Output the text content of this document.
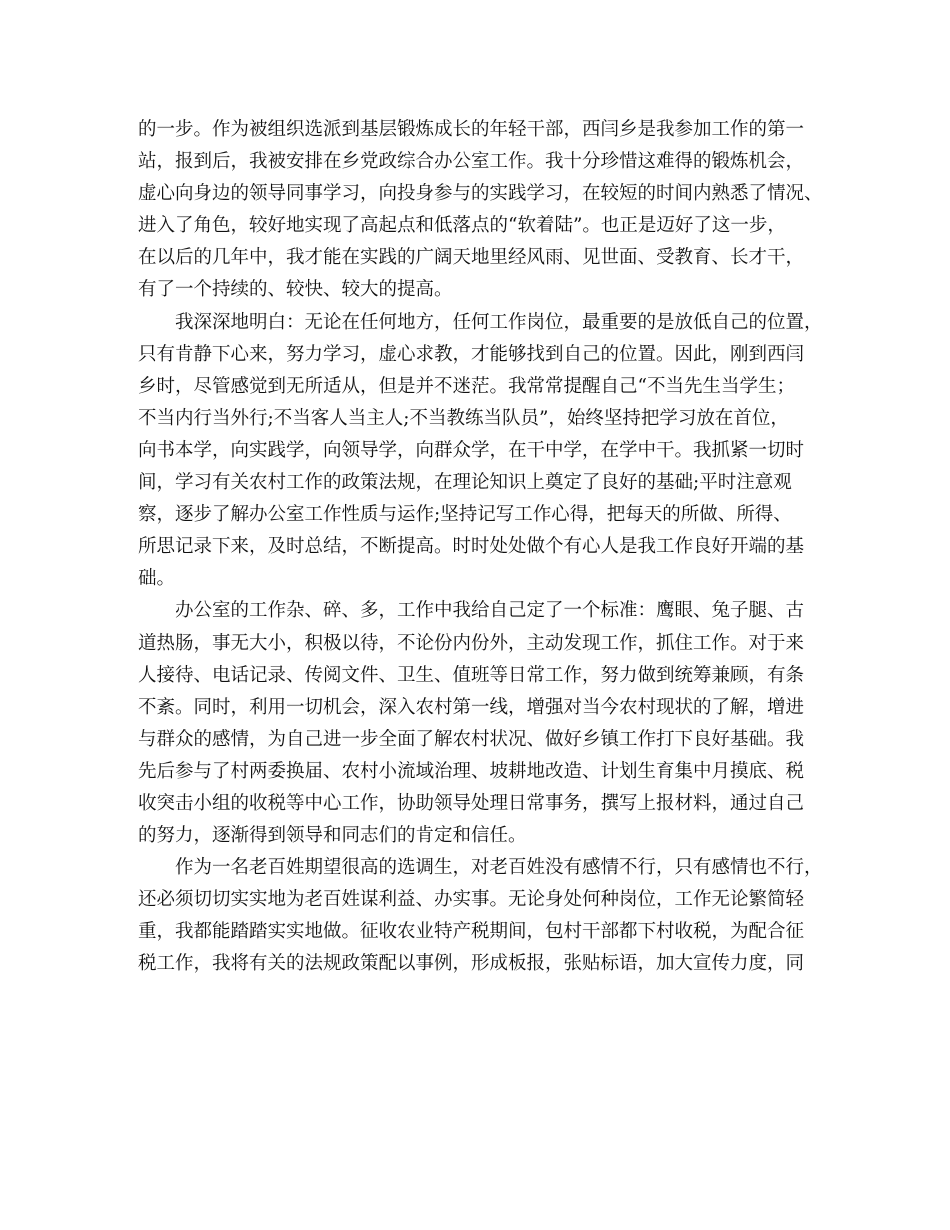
的一步。作为被组织选派到基层锻炼成长的年轻干部，西闫乡是我参加工作的第一
站，报到后，我被安排在乡党政综合办公室工作。我十分珍惜这难得的锻炼机会，
虚心向身边的领导同事学习，向投身参与的实践学习，在较短的时间内熟悉了情况、
进入了角色，较好地实现了高起点和低落点的“软着陆”。也正是迈好了这一步，
在以后的几年中，我才能在实践的广阔天地里经风雨、见世面、受教育、长才干，
有了一个持续的、较快、较大的提高。
我深深地明白：无论在任何地方，任何工作岗位，最重要的是放低自己的位置，
只有肯静下心来，努力学习，虚心求教，才能够找到自己的位置。因此，刚到西闫
乡时，尽管感觉到无所适从，但是并不迷茫。我常常提醒自己“不当先生当学生；
不当内行当外行;不当客人当主人;不当教练当队员”，始终坚持把学习放在首位，
向书本学，向实践学，向领导学，向群众学，在干中学，在学中干。我抓紧一切时
间，学习有关农村工作的政策法规，在理论知识上奠定了良好的基础;平时注意观
察，逐步了解办公室工作性质与运作;坚持记写工作心得，把每天的所做、所得、
所思记录下来，及时总结，不断提高。时时处处做个有心人是我工作良好开端的基
础。
办公室的工作杂、碎、多，工作中我给自己定了一个标准：鹰眼、兔子腿、古
道热肠，事无大小，积极以待，不论份内份外，主动发现工作，抓住工作。对于来
人接待、电话记录、传阅文件、卫生、值班等日常工作，努力做到统筹兼顾，有条
不紊。同时，利用一切机会，深入农村第一线，增强对当今农村现状的了解，增进
与群众的感情，为自己进一步全面了解农村状况、做好乡镇工作打下良好基础。我
先后参与了村两委换届、农村小流域治理、坡耕地改造、计划生育集中月摸底、税
收突击小组的收税等中心工作，协助领导处理日常事务，撰写上报材料，通过自己
的努力，逐渐得到领导和同志们的肯定和信任。
作为一名老百姓期望很高的选调生，对老百姓没有感情不行，只有感情也不行，
还必须切切实实地为老百姓谋利益、办实事。无论身处何种岗位，工作无论繁简轻
重，我都能踏踏实实地做。征收农业特产税期间，包村干部都下村收税，为配合征
税工作，我将有关的法规政策配以事例，形成板报，张贴标语，加大宣传力度，同
